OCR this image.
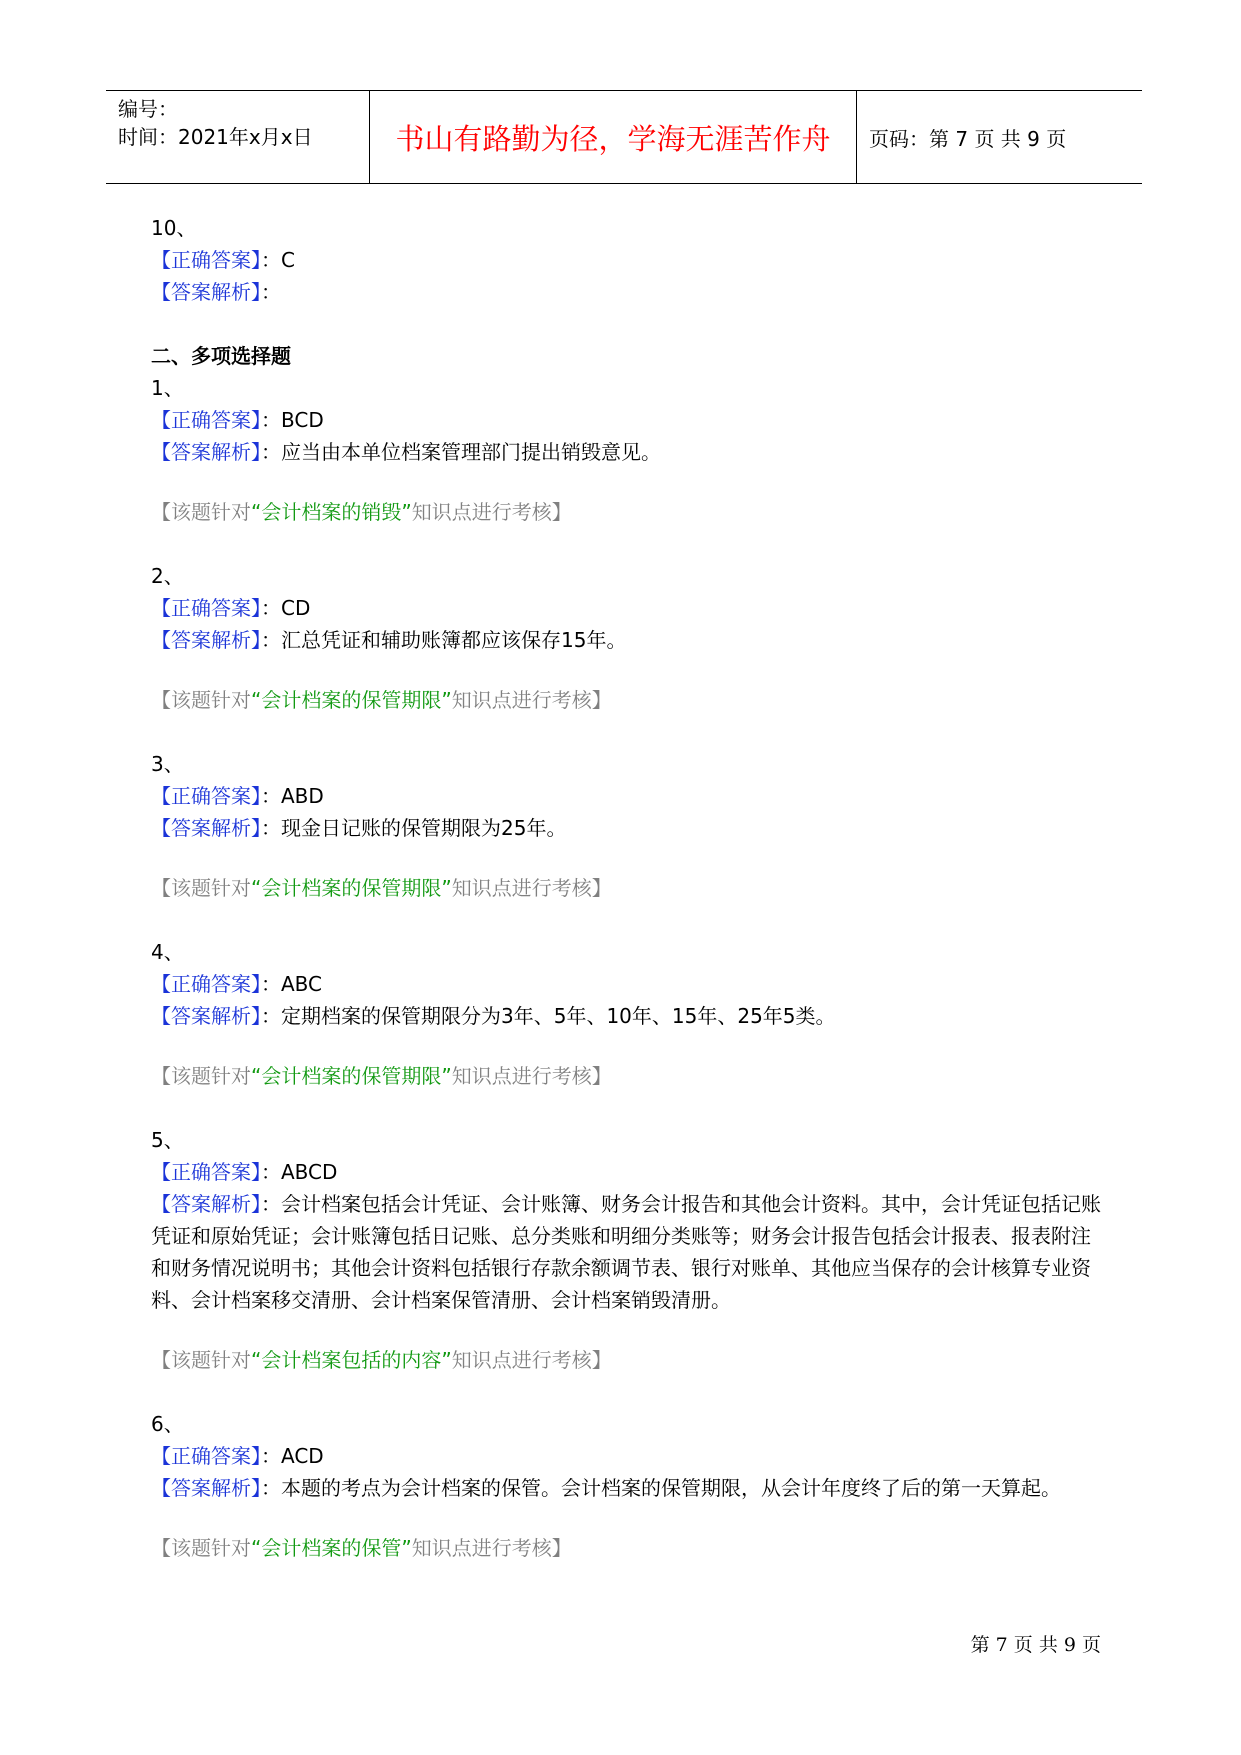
编号：
时间：2021年x月x日	书山有路勤为径，学海无涯苦作舟	页码：第 7 页 共 9 页
10、
【正确答案】：C
【答案解析】：
二、多项选择题
1、
【正确答案】：BCD
【答案解析】：应当由本单位档案管理部门提出销毁意见。
【该题针对“会计档案的销毁”知识点进行考核】
2、
【正确答案】：CD
【答案解析】：汇总凭证和辅助账簿都应该保存15年。
【该题针对“会计档案的保管期限”知识点进行考核】
3、
【正确答案】：ABD
【答案解析】：现金日记账的保管期限为25年。
【该题针对“会计档案的保管期限”知识点进行考核】
4、
【正确答案】：ABC
【答案解析】：定期档案的保管期限分为3年、5年、10年、15年、25年5类。
【该题针对“会计档案的保管期限”知识点进行考核】
5、
【正确答案】：ABCD
【答案解析】：会计档案包括会计凭证、会计账簿、财务会计报告和其他会计资料。其中，会计凭证包括记账凭证和原始凭证；会计账簿包括日记账、总分类账和明细分类账等；财务会计报告包括会计报表、报表附注和财务情况说明书；其他会计资料包括银行存款余额调节表、银行对账单、其他应当保存的会计核算专业资料、会计档案移交清册、会计档案保管清册、会计档案销毁清册。
【该题针对“会计档案包括的内容”知识点进行考核】
6、
【正确答案】：ACD
【答案解析】：本题的考点为会计档案的保管。会计档案的保管期限，从会计年度终了后的第一天算起。
【该题针对“会计档案的保管”知识点进行考核】
第 7 页 共 9 页
